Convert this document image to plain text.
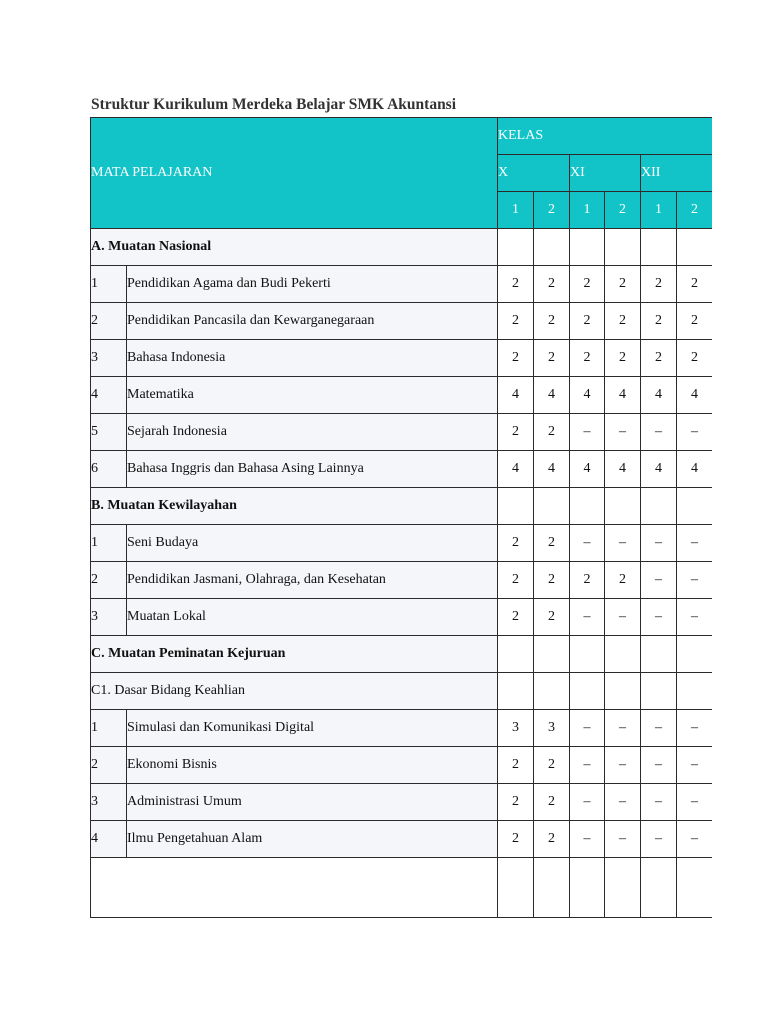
Struktur Kurikulum Merdeka Belajar SMK Akuntansi
MATA PELAJARAN		KELAS					
		X		XI		XII	
		1	2	1	2	1	2
A. Muatan Nasional							
1	Pendidikan Agama dan Budi Pekerti	2	2	2	2	2	2
2	Pendidikan Pancasila dan Kewarganegaraan	2	2	2	2	2	2
3	Bahasa Indonesia	2	2	2	2	2	2
4	Matematika	4	4	4	4	4	4
5	Sejarah Indonesia	2	2	–	–	–	–
6	Bahasa Inggris dan Bahasa Asing Lainnya	4	4	4	4	4	4
B. Muatan Kewilayahan							
1	Seni Budaya	2	2	–	–	–	–
2	Pendidikan Jasmani, Olahraga, dan Kesehatan	2	2	2	2	–	–
3	Muatan Lokal	2	2	–	–	–	–
C. Muatan Peminatan Kejuruan							
C1. Dasar Bidang Keahlian							
1	Simulasi dan Komunikasi Digital	3	3	–	–	–	–
2	Ekonomi Bisnis	2	2	–	–	–	–
3	Administrasi Umum	2	2	–	–	–	–
4	Ilmu Pengetahuan Alam	2	2	–	–	–	–
